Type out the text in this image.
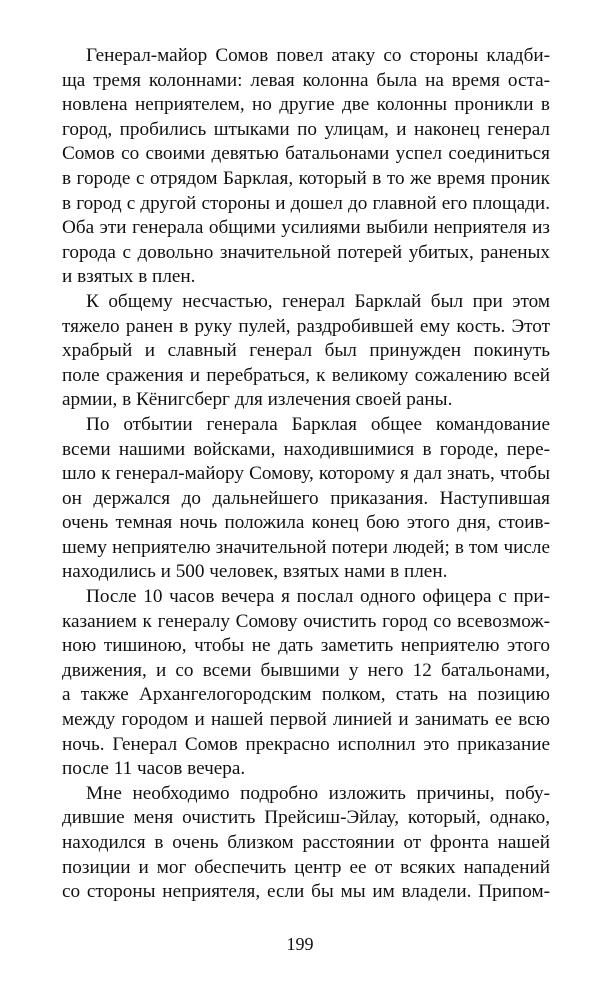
Генерал-майор Сомов повел атаку со стороны кладби-
ща тремя колоннами: левая колонна была на время оста-
новлена неприятелем, но другие две колонны проникли в
город, пробились штыками по улицам, и наконец генерал
Сомов со своими девятью батальонами успел соединиться
в городе с отрядом Барклая, который в то же время проник
в город с другой стороны и дошел до главной его площади.
Оба эти генерала общими усилиями выбили неприятеля из
города с довольно значительной потерей убитых, раненых
и взятых в плен.
К общему несчастью, генерал Барклай был при этом
тяжело ранен в руку пулей, раздробившей ему кость. Этот
храбрый и славный генерал был принужден покинуть
поле сражения и перебраться, к великому сожалению всей
армии, в Кёнигсберг для излечения своей раны.
По отбытии генерала Барклая общее командование
всеми нашими войсками, находившимися в городе, пере-
шло к генерал-майору Сомову, которому я дал знать, чтобы
он держался до дальнейшего приказания. Наступившая
очень темная ночь положила конец бою этого дня, стоив-
шему неприятелю значительной потери людей; в том числе
находились и 500 человек, взятых нами в плен.
После 10 часов вечера я послал одного офицера с при-
казанием к генералу Сомову очистить город со всевозмож-
ною тишиною, чтобы не дать заметить неприятелю этого
движения, и со всеми бывшими у него 12 батальонами,
а также Архангелогородским полком, стать на позицию
между городом и нашей первой линией и занимать ее всю
ночь. Генерал Сомов прекрасно исполнил это приказание
после 11 часов вечера.
Мне необходимо подробно изложить причины, побу-
дившие меня очистить Прейсиш-Эйлау, который, однако,
находился в очень близком расстоянии от фронта нашей
позиции и мог обеспечить центр ее от всяких нападений
со стороны неприятеля, если бы мы им владели. Припом-
199
